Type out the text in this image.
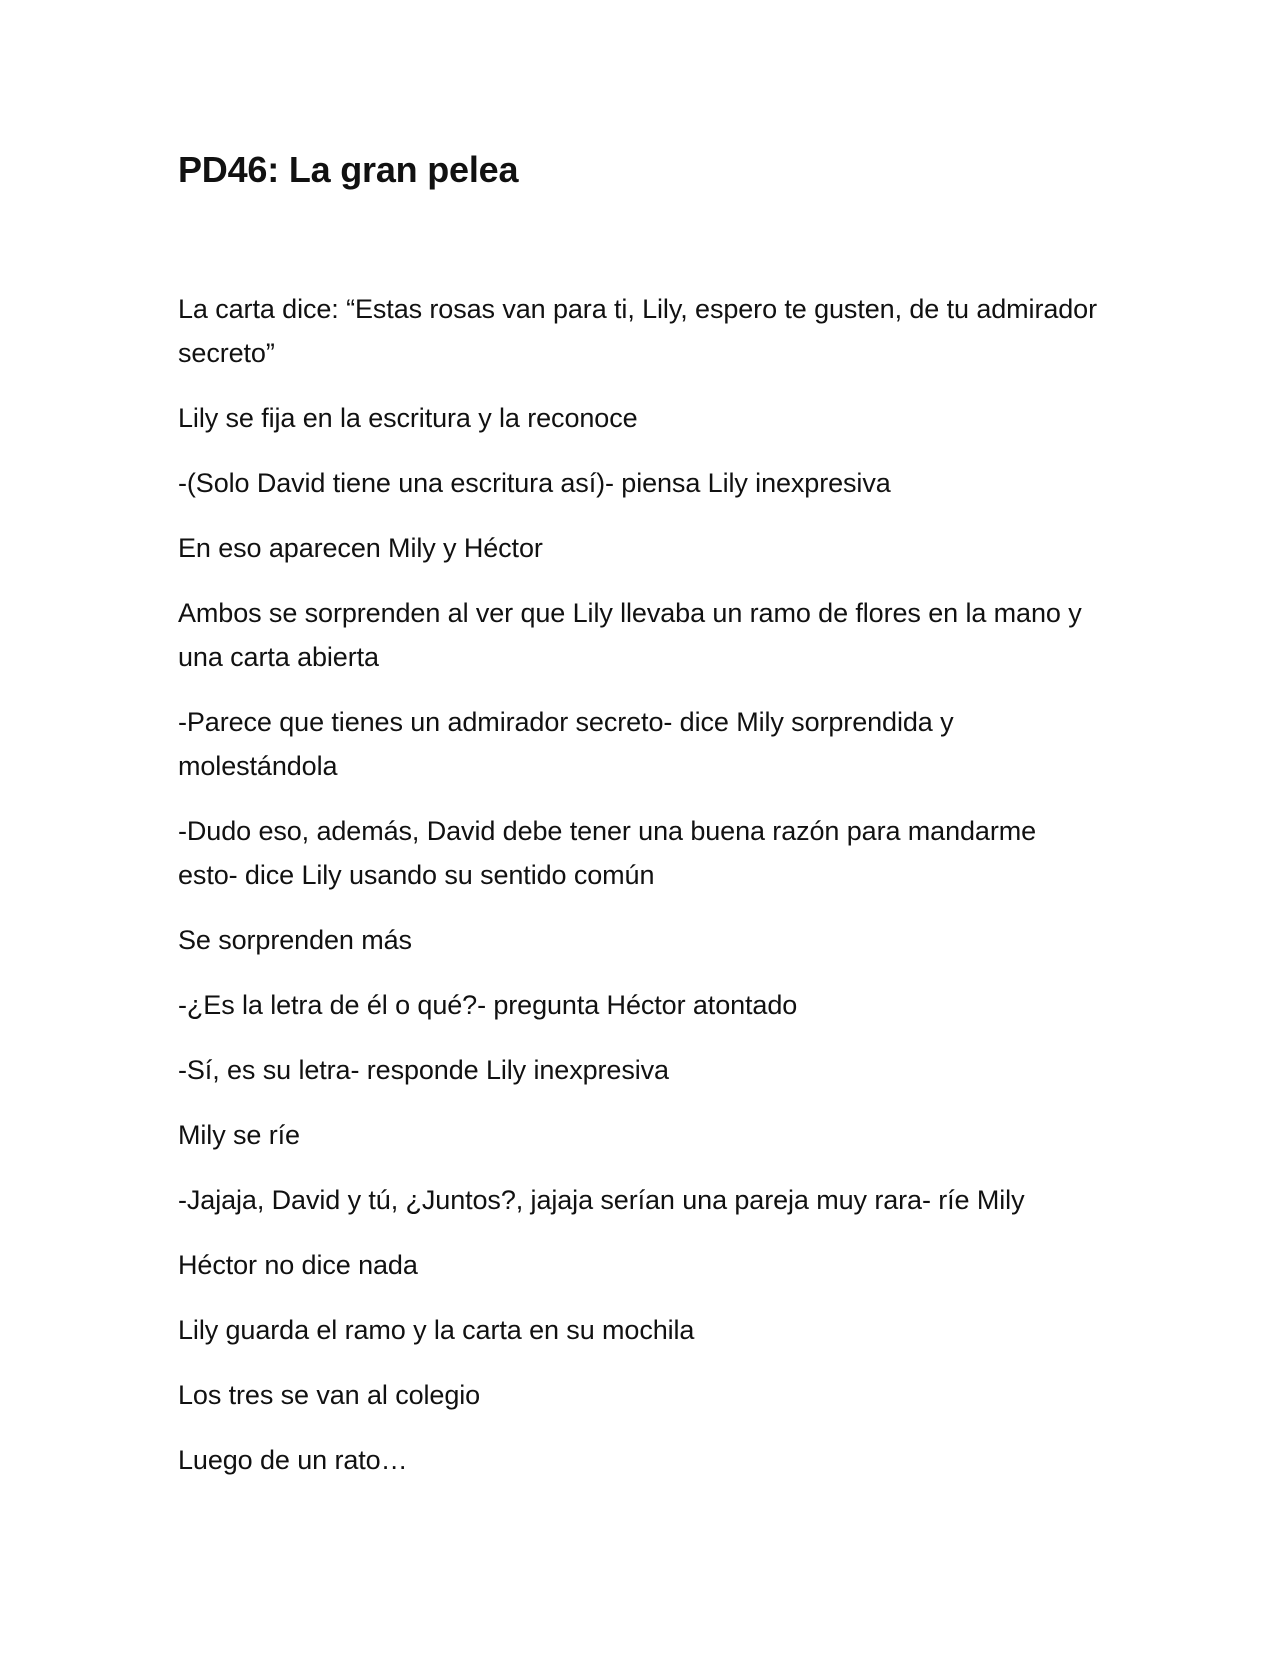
PD46: La gran pelea

La carta dice: “Estas rosas van para ti, Lily, espero te gusten, de tu admirador secreto”

Lily se fija en la escritura y la reconoce

-(Solo David tiene una escritura así)- piensa Lily inexpresiva

En eso aparecen Mily y Héctor

Ambos se sorprenden al ver que Lily llevaba un ramo de flores en la mano y una carta abierta

-Parece que tienes un admirador secreto- dice Mily sorprendida y molestándola

-Dudo eso, además, David debe tener una buena razón para mandarme esto- dice Lily usando su sentido común

Se sorprenden más

-¿Es la letra de él o qué?- pregunta Héctor atontado

-Sí, es su letra- responde Lily inexpresiva

Mily se ríe

-Jajaja, David y tú, ¿Juntos?, jajaja serían una pareja muy rara- ríe Mily

Héctor no dice nada

Lily guarda el ramo y la carta en su mochila

Los tres se van al colegio

Luego de un rato…
